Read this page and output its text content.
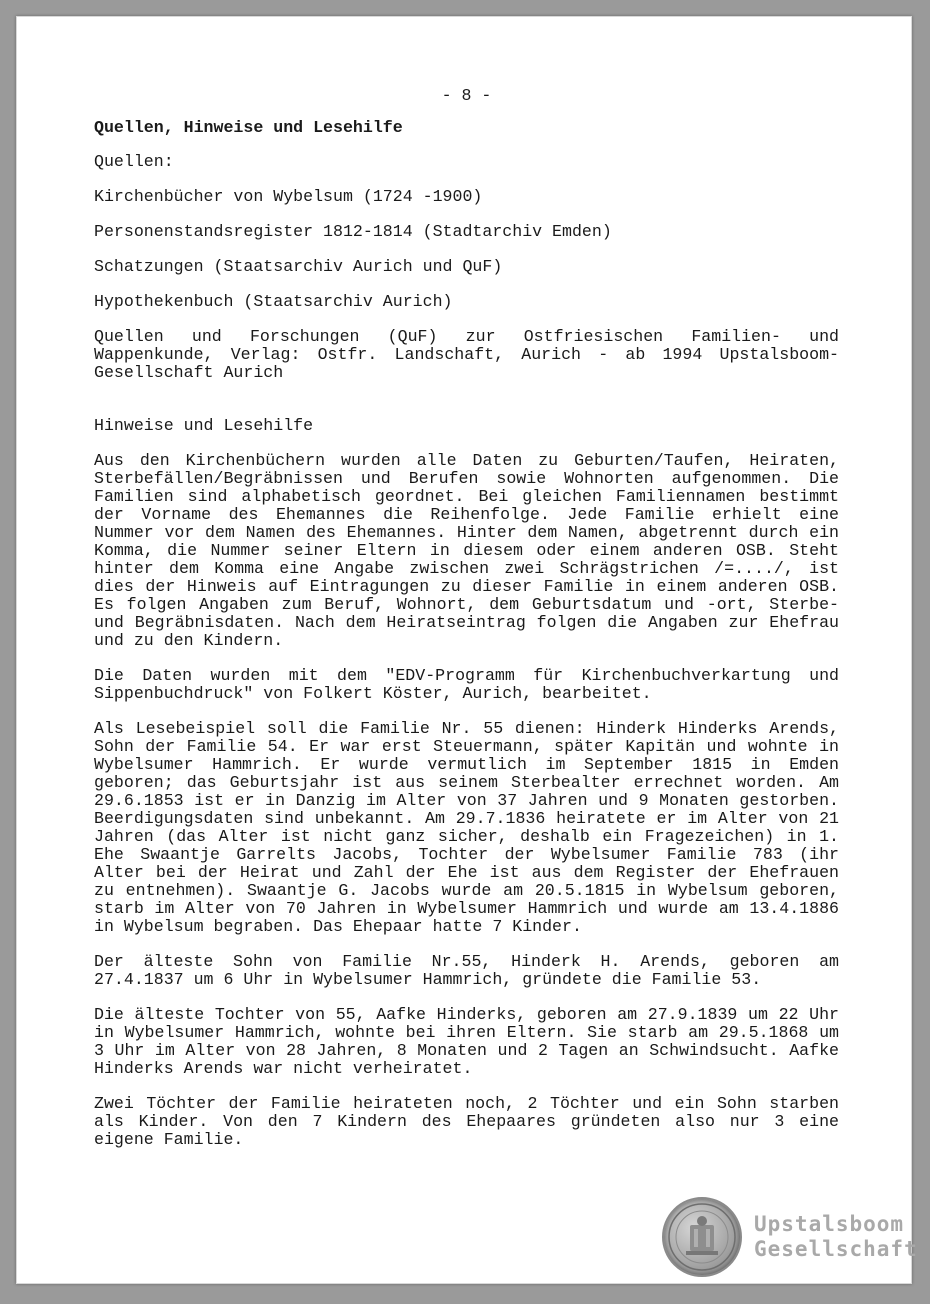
- 8 -
Quellen, Hinweise und Lesehilfe
Quellen:
Kirchenbücher von Wybelsum (1724 -1900)
Personenstandsregister 1812-1814 (Stadtarchiv Emden)
Schatzungen (Staatsarchiv Aurich und QuF)
Hypothekenbuch (Staatsarchiv Aurich)
Quellen und Forschungen (QuF) zur Ostfriesischen Familien- und Wappenkunde, Verlag: Ostfr. Landschaft, Aurich - ab 1994 Upstalsboom-Gesellschaft Aurich
Hinweise und Lesehilfe
Aus den Kirchenbüchern wurden alle Daten zu Geburten/Taufen, Heiraten, Sterbefällen/Begräbnissen und Berufen sowie Wohnorten aufgenommen. Die Familien sind alphabetisch geordnet. Bei gleichen Familiennamen bestimmt der Vorname des Ehemannes die Reihenfolge. Jede Familie erhielt eine Nummer vor dem Namen des Ehemannes. Hinter dem Namen, abgetrennt durch ein Komma, die Nummer seiner Eltern in diesem oder einem anderen OSB. Steht hinter dem Komma eine Angabe zwischen zwei Schrägstrichen /=..../, ist dies der Hinweis auf Eintragungen zu dieser Familie in einem anderen OSB. Es folgen Angaben zum Beruf, Wohnort, dem Geburtsdatum und -ort, Sterbe- und Begräbnisdaten. Nach dem Heiratseintrag folgen die Angaben zur Ehefrau und zu den Kindern.
Die Daten wurden mit dem "EDV-Programm für Kirchenbuchverkartung und Sippenbuchdruck" von Folkert Köster, Aurich, bearbeitet.
Als Lesebeispiel soll die Familie Nr. 55 dienen: Hinderk Hinderks Arends, Sohn der Familie 54. Er war erst Steuermann, später Kapitän und wohnte in Wybelsumer Hammrich. Er wurde vermutlich im September 1815 in Emden geboren; das Geburtsjahr ist aus seinem Sterbealter errechnet worden. Am 29.6.1853 ist er in Danzig im Alter von 37 Jahren und 9 Monaten gestorben. Beerdigungsdaten sind unbekannt. Am 29.7.1836 heiratete er im Alter von 21 Jahren (das Alter ist nicht ganz sicher, deshalb ein Fragezeichen) in 1. Ehe Swaantje Garrelts Jacobs, Tochter der Wybelsumer Familie 783 (ihr Alter bei der Heirat und Zahl der Ehe ist aus dem Register der Ehefrauen zu entnehmen). Swaantje G. Jacobs wurde am 20.5.1815 in Wybelsum geboren, starb im Alter von 70 Jahren in Wybelsumer Hammrich und wurde am 13.4.1886 in Wybelsum begraben. Das Ehepaar hatte 7 Kinder.
Der älteste Sohn von Familie Nr.55, Hinderk H. Arends, geboren am 27.4.1837 um 6 Uhr in Wybelsumer Hammrich, gründete die Familie 53.
Die älteste Tochter von 55, Aafke Hinderks, geboren am 27.9.1839 um 22 Uhr in Wybelsumer Hammrich, wohnte bei ihren Eltern. Sie starb am 29.5.1868 um 3 Uhr im Alter von 28 Jahren, 8 Monaten und 2 Tagen an Schwindsucht. Aafke Hinderks Arends war nicht verheiratet.
Zwei Töchter der Familie heirateten noch, 2 Töchter und ein Sohn starben als Kinder. Von den 7 Kindern des Ehepaares gründeten also nur 3 eine eigene Familie.
Upstalsboom
Gesellschaft
